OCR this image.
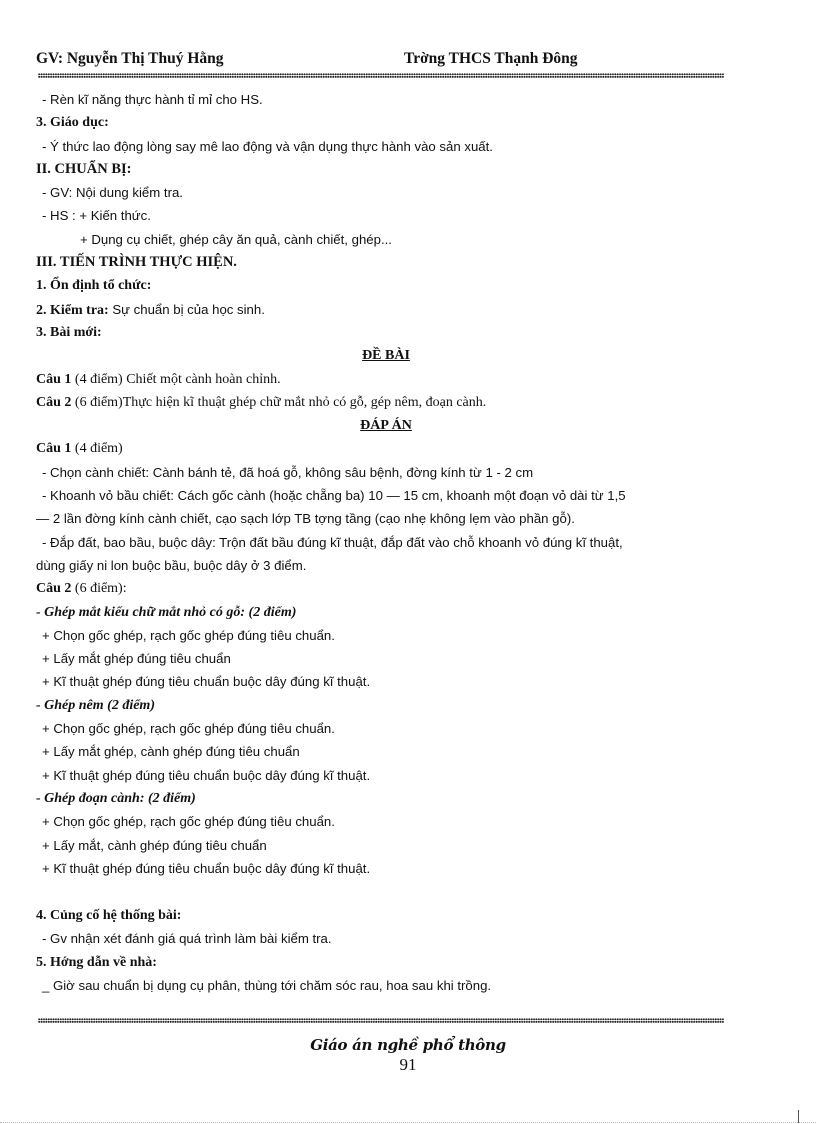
GV: Nguyễn Thị Thuý Hằng	Trờng THCS Thạnh Đông
- Rèn kĩ năng thực hành tỉ mỉ cho HS.
3. Giáo dục:
- Ý thức lao động lòng say mê lao động và vận dụng thực hành vào sản xuất.
II. CHUẨN BỊ:
- GV: Nội dung kiểm tra.
- HS : + Kiến thức.
+ Dụng cụ chiết, ghép cây ăn quả, cành chiết, ghép...
III. TIẾN TRÌNH THỰC HIỆN.
1. Ổn định tổ chức:
2. Kiểm tra: Sự chuẩn bị của học sinh.
3. Bài mới:
ĐỀ BÀI
Câu 1 (4 điểm) Chiết một cành hoàn chỉnh.
Câu 2 (6 điểm)Thực hiện kĩ thuật ghép chữ mắt nhỏ có gỗ, gép nêm, đoạn cành.
ĐÁP ÁN
Câu 1 (4 điểm)
- Chọn cành chiết: Cành bánh tẻ, đã hoá gỗ, không sâu bệnh, đờng kính từ 1 - 2 cm
- Khoanh vỏ bầu chiết: Cách gốc cành (hoặc chẵng ba) 10 — 15 cm, khoanh một đoạn vỏ dài từ 1,5
— 2 lần đờng kính cành chiết, cạo sạch lớp TB tợng tầng (cạo nhẹ không lẹm vào phần gỗ).
- Đắp đất, bao bầu, buộc dây: Trộn đất bầu đúng kĩ thuật, đắp đất vào chỗ khoanh vỏ đúng kĩ thuật,
dùng giấy ni lon buộc bầu, buộc dây ở 3 điểm.
Câu 2 (6 điểm):
- Ghép mắt kiểu chữ mắt nhỏ có gỗ: (2 điểm)
+ Chọn gốc ghép, rạch gốc ghép đúng tiêu chuẩn.
+ Lấy mắt ghép đúng tiêu chuẩn
+ Kĩ thuật ghép đúng tiêu chuẩn buộc dây đúng kĩ thuật.
- Ghép nêm (2 điểm)
+ Chọn gốc ghép, rạch gốc ghép đúng tiêu chuẩn.
+ Lấy mắt ghép, cành ghép đúng tiêu chuẩn
+ Kĩ thuật ghép đúng tiêu chuẩn buộc dây đúng kĩ thuật.
- Ghép đoạn cành: (2 điểm)
+ Chọn gốc ghép, rạch gốc ghép đúng tiêu chuẩn.
+ Lấy mắt, cành ghép đúng tiêu chuẩn
+ Kĩ thuật ghép đúng tiêu chuẩn buộc dây đúng kĩ thuật.
4. Củng cố hệ thống bài:
- Gv nhận xét đánh giá quá trình làm bài kiểm tra.
5. Hớng dẫn về nhà:
_ Giờ sau chuẩn bị dụng cụ phân, thùng tới chăm sóc rau, hoa sau khi trồng.
Giáo án nghề phổ thông
91
